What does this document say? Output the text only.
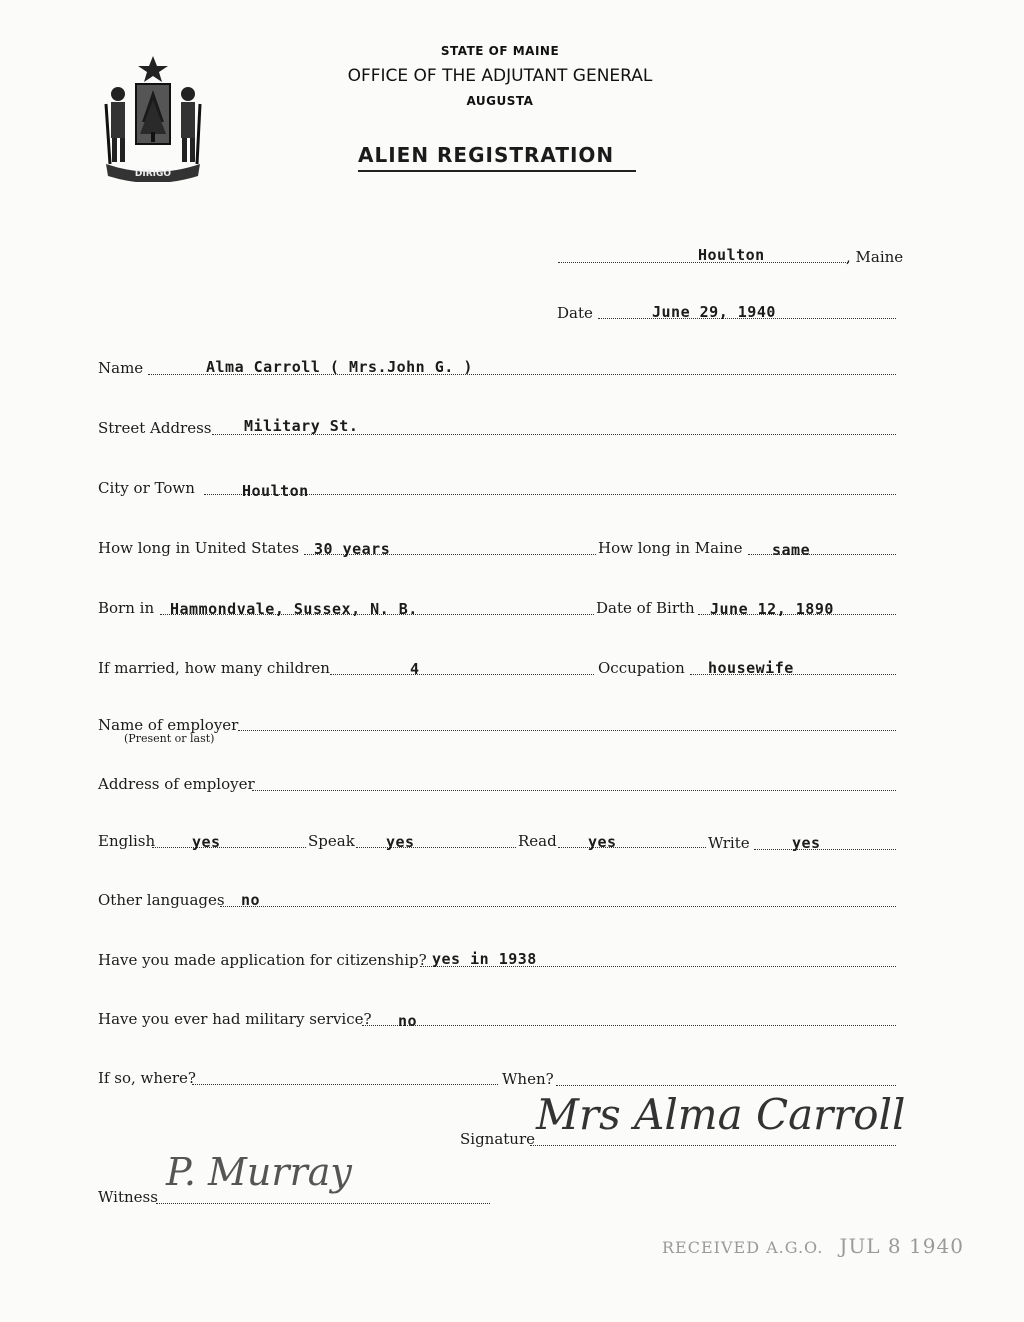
DIRIGO
STATE OF MAINE
OFFICE OF THE ADJUTANT GENERAL
AUGUSTA
ALIEN REGISTRATION
Houlton	, Maine
Date	June 29, 1940
Name	Alma Carroll ( Mrs.John G. )
Street Address Military St.
City or Town	Houlton
How long in United States 30 years	How long in Maine same
Born in Hammondvale, Sussex, N. B.	Date of Birth June 12, 1890
If married, how many children	4	Occupation housewife
Name of employer
(Present or last)
Address of employer
English yes	Speak yes	Read yes	Write	yes
Other languages no
Have you made application for citizenship? yes in 1938
Have you ever had military service? no
If so, where?	When?
Signature Mrs Alma Carroll
Witness
P. Murray
RECEIVED A.G.O. JUL 8 1940
